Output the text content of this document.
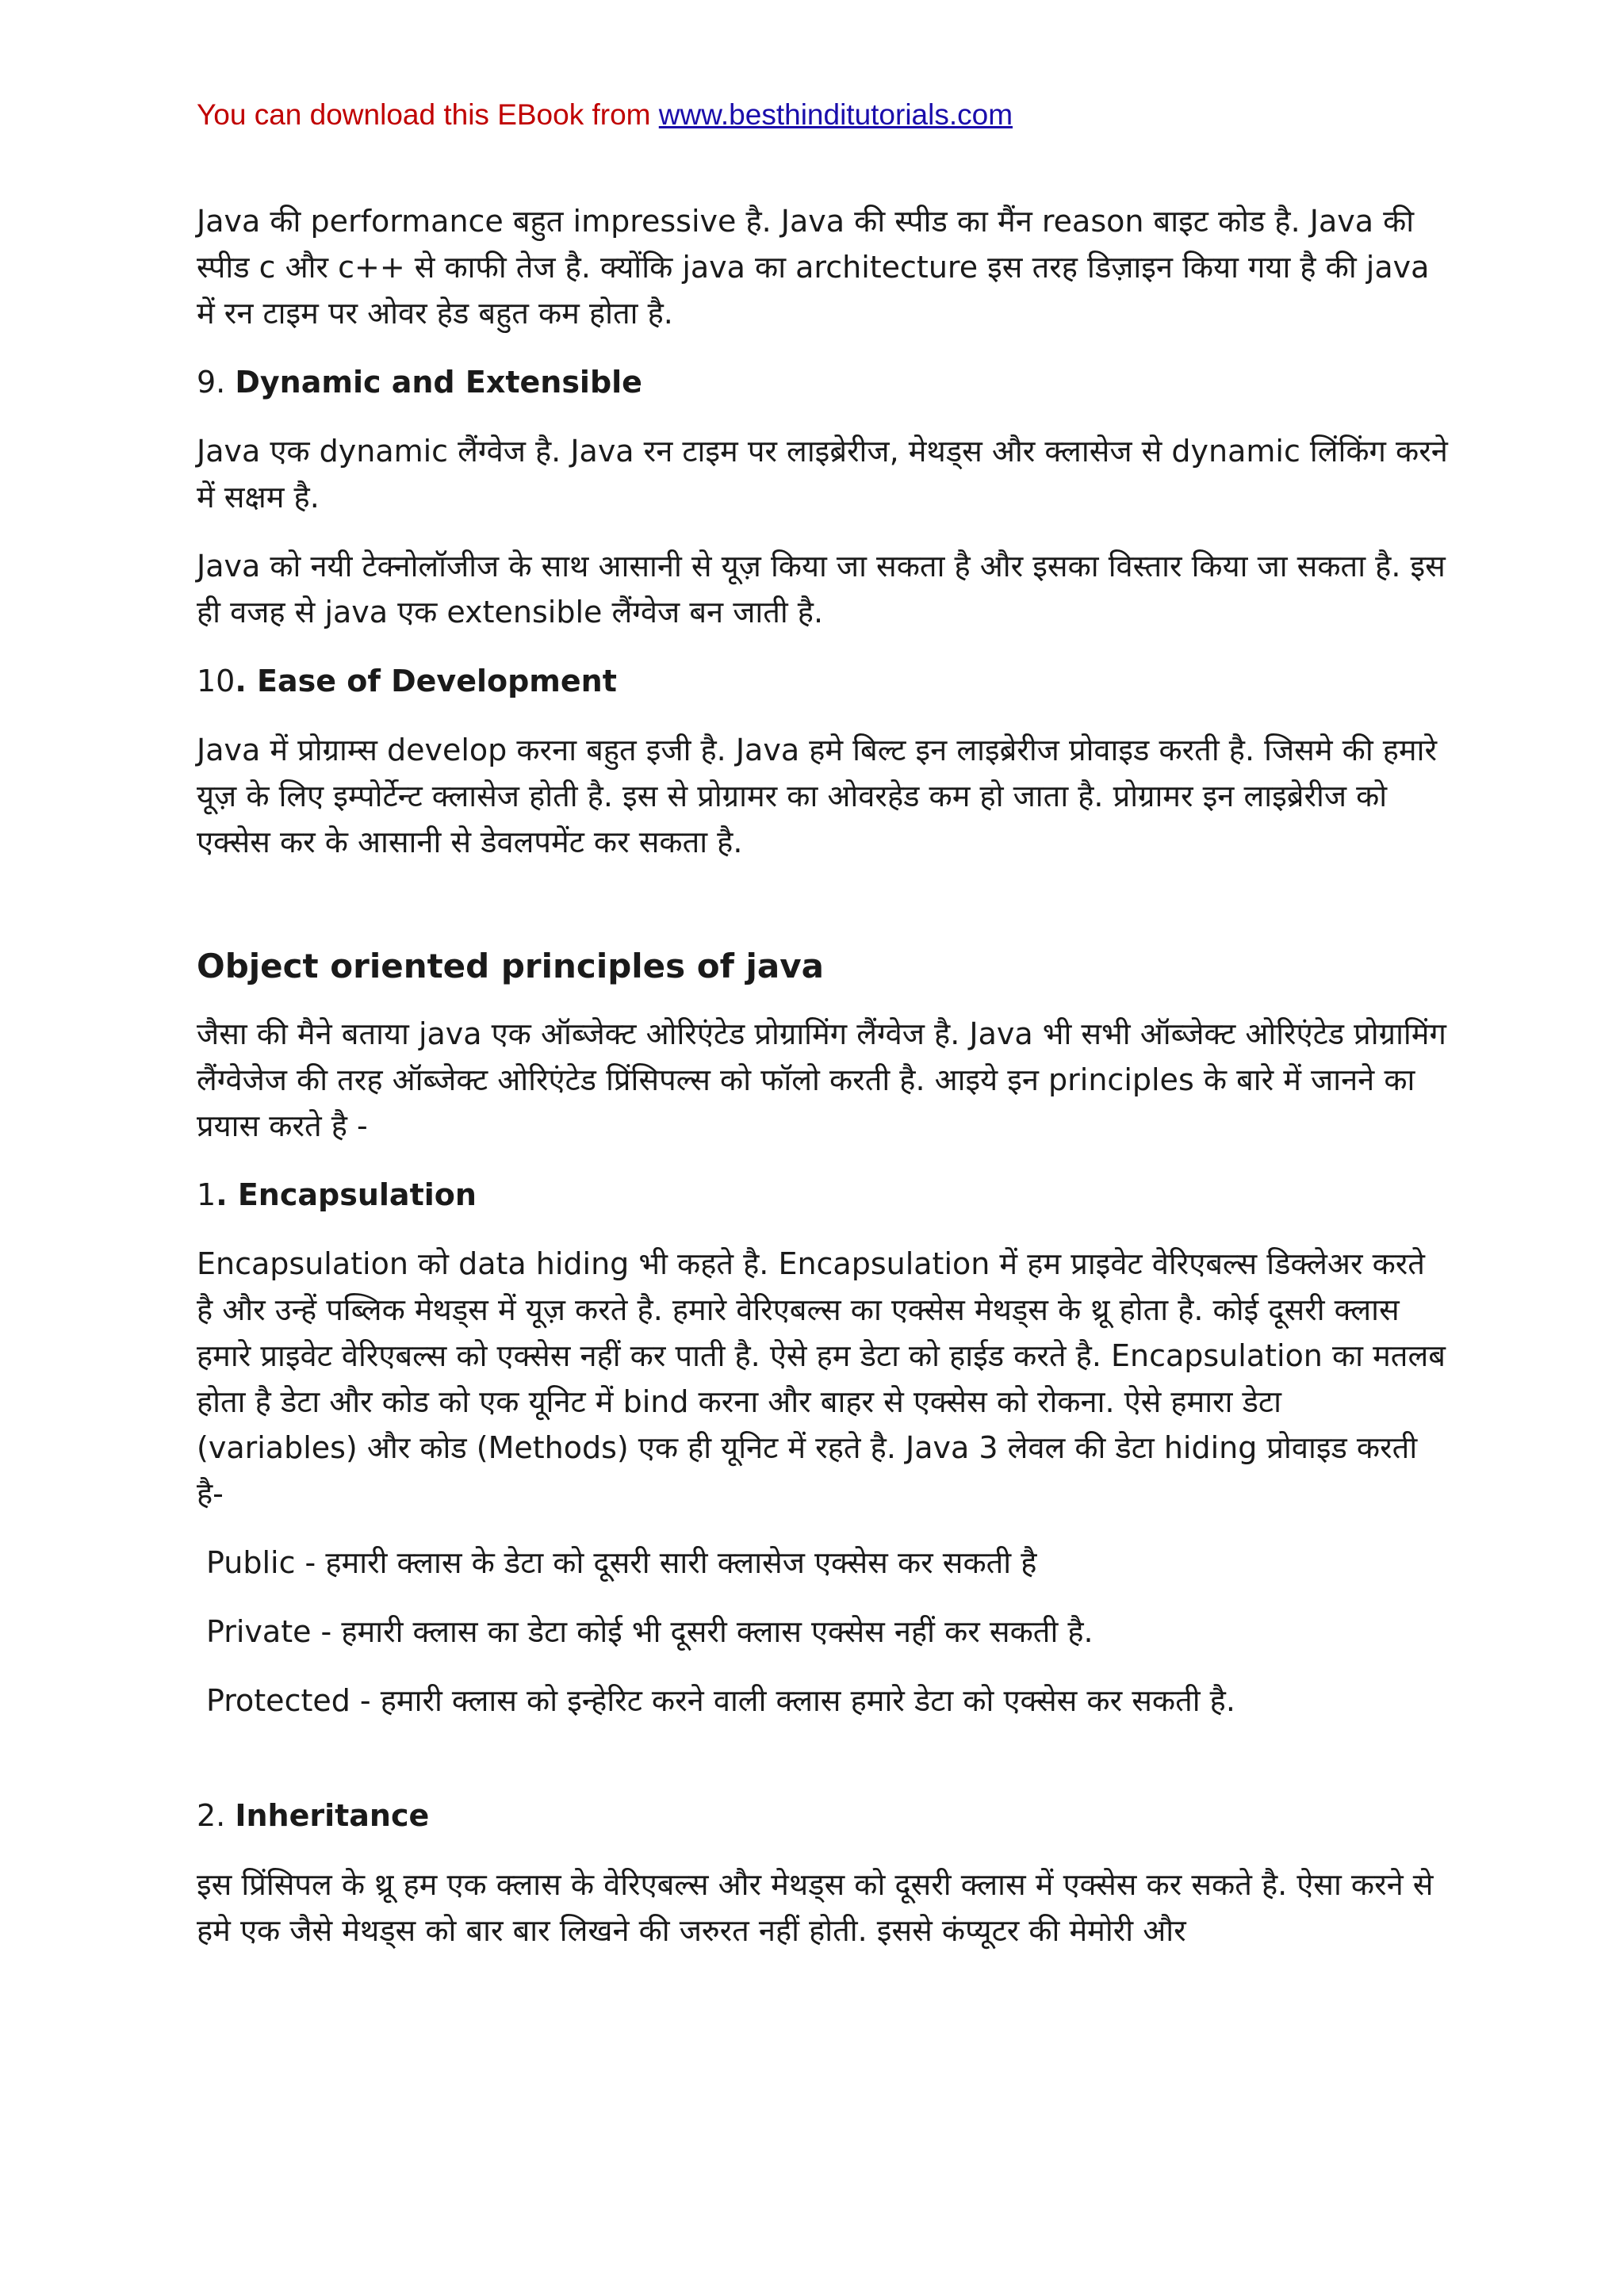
You can download this EBook from www.besthinditutorials.com

Java की performance बहुत impressive है. Java की स्पीड का मैंन reason बाइट कोड है. Java की स्पीड c और c++ से काफी तेज है. क्योंकि java का architecture इस तरह डिज़ाइन किया गया है की java में रन टाइम पर ओवर हेड बहुत कम होता है.

9. Dynamic and Extensible

Java एक dynamic लैंग्वेज है. Java रन टाइम पर लाइब्रेरीज, मेथड्स और क्लासेज से dynamic लिंकिंग करने में सक्षम है.

Java को नयी टेक्नोलॉजीज के साथ आसानी से यूज़ किया जा सकता है और इसका विस्तार किया जा सकता है. इस ही वजह से java एक extensible लैंग्वेज बन जाती है.

10. Ease of Development

Java में प्रोग्राम्स develop करना बहुत इजी है. Java हमे बिल्ट इन लाइब्रेरीज प्रोवाइड करती है. जिसमे की हमारे यूज़ के लिए इम्पोर्टेन्ट क्लासेज होती है. इस से प्रोग्रामर का ओवरहेड कम हो जाता है. प्रोग्रामर इन लाइब्रेरीज को एक्सेस कर के आसानी से डेवलपमेंट कर सकता है.

Object oriented principles of java

जैसा की मैने बताया java एक ऑब्जेक्ट ओरिएंटेड प्रोग्रामिंग लैंग्वेज है. Java भी सभी ऑब्जेक्ट ओरिएंटेड प्रोग्रामिंग लैंग्वेजेज की तरह ऑब्जेक्ट ओरिएंटेड प्रिंसिपल्स को फॉलो करती है. आइये इन principles के बारे में जानने का प्रयास करते है -

1. Encapsulation

Encapsulation को data hiding भी कहते है. Encapsulation में हम प्राइवेट वेरिएबल्स डिक्लेअर करते है और उन्हें पब्लिक मेथड्स में यूज़ करते है. हमारे वेरिएबल्स का एक्सेस मेथड्स के थ्रू होता है. कोई दूसरी क्लास हमारे प्राइवेट वेरिएबल्स को एक्सेस नहीं कर पाती है. ऐसे हम डेटा को हाईड करते है. Encapsulation का मतलब होता है डेटा और कोड को एक यूनिट में bind करना और बाहर से एक्सेस को रोकना. ऐसे हमारा डेटा (variables) और कोड (Methods) एक ही यूनिट में रहते है. Java 3 लेवल की डेटा hiding प्रोवाइड करती है-

Public - हमारी क्लास के डेटा को दूसरी सारी क्लासेज एक्सेस कर सकती है

Private - हमारी क्लास का डेटा कोई भी दूसरी क्लास एक्सेस नहीं कर सकती है.

Protected - हमारी क्लास को इन्हेरिट करने वाली क्लास हमारे डेटा को एक्सेस कर सकती है.

2. Inheritance

इस प्रिंसिपल के थ्रू हम एक क्लास के वेरिएबल्स और मेथड्स को दूसरी क्लास में एक्सेस कर सकते है. ऐसा करने से हमे एक जैसे मेथड्स को बार बार लिखने की जरुरत नहीं होती. इससे कंप्यूटर की मेमोरी और
